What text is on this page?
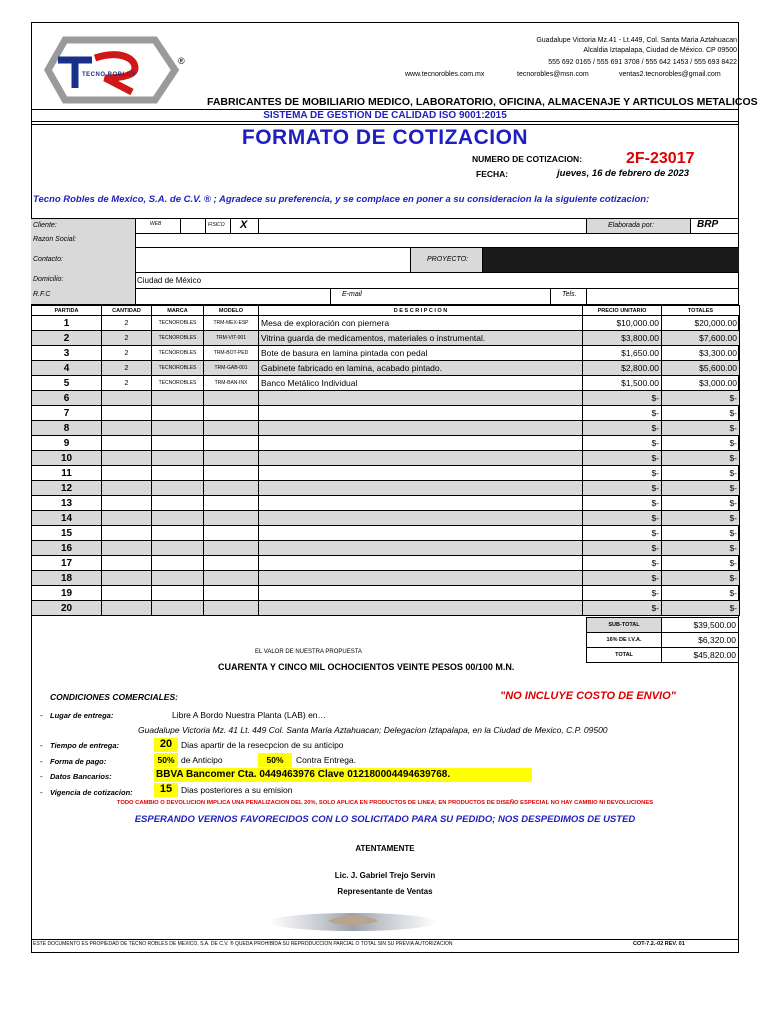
®
TECNO ROBLES
Guadalupe Victoria Mz.41 - Lt.449, Col. Santa Maria Aztahuacan
Alcaldia Iztapalapa, Ciudad de México. CP 09500
555 692 0165 / 555 691 3708 / 555 642 1453 / 555 693 8422
www.tecnorobles.com.mx	tecnorobles@msn.com	ventas2.tecnorobles@gmail.com
FABRICANTES DE MOBILIARIO MEDICO, LABORATORIO, OFICINA, ALMACENAJE Y ARTICULOS METALICOS
SISTEMA DE GESTION DE CALIDAD ISO 9001:2015
FORMATO DE COTIZACION
NUMERO DE COTIZACION:	2F-23017
FECHA:	jueves, 16 de febrero de 2023
Tecno Robles de Mexico, S.A. de C.V. ® ; Agradece su preferencia, y se complace en poner a su consideracion la la siguiente cotizacion:
Cliente:	WEB	FISICO X	Elaborada por:	BRP
Razon Social:
Contacto:	PROYECTO:
Domicilio:	Ciudad de México
R.F.C	E-mail	Tels.
PARTIDA	CANTIDAD	MARCA	MODELO	D E S C R I P C I O N	PRECIO UNITARIO	TOTALES
1	2	TECNOROBLES	TRM-MEX-ESP	Mesa de exploración con piernera	$10,000.00	$20,000.00
2	2	TECNOROBLES	TRM-VIT-001	Vitrina guarda de medicamentos, materiales o instrumental.	$3,800.00	$7,600.00
3	2	TECNOROBLES	TRM-BOT-PED	Bote de basura en lamina pintada con pedal	$1,650.00	$3,300.00
4	2	TECNOROBLES	TRM-GAB-001	Gabinete fabricado en lamina, acabado pintado.	$2,800.00	$5,600.00
5	2	TECNOROBLES	TRM-BAN-INX	Banco Metálico Individual	$1,500.00	$3,000.00
6					$-	$-
7					$-	$-
8					$-	$-
9					$-	$-
10					$-	$-
11					$-	$-
12					$-	$-
13					$-	$-
14					$-	$-
15					$-	$-
16					$-	$-
17					$-	$-
18					$-	$-
19					$-	$-
20					$-	$-
SUB-TOTAL	$39,500.00
16% DE I.V.A.	$6,320.00
TOTAL	$45,820.00
EL VALOR DE NUESTRA PROPUESTA
CUARENTA Y CINCO MIL OCHOCIENTOS VEINTE PESOS 00/100 M.N.
CONDICIONES COMERCIALES:	"NO INCLUYE COSTO DE ENVIO"
- Lugar de entrega:	Libre A Bordo Nuestra Planta (LAB) en…
Guadalupe Victoria Mz. 41 Lt. 449 Col. Santa Maria Aztahuacan; Delegacion Iztapalapa, en la Ciudad de Mexico, C.P. 09500
- Tiempo de entrega:	20	Dias apartir de la resecpcion de su anticipo
- Forma de pago:	50% de Anticipo	50%	Contra Entrega.
- Datos Bancarios:	BBVA Bancomer Cta. 0449463976 Clave 012180004494639768.
- Vigencia de cotizacion:	15	Dias posteriores a su emision
TODO CAMBIO O DEVOLUCION IMPLICA UNA PENALIZACION DEL 20%, SOLO APLICA EN PRODUCTOS DE LINEA; EN PRODUCTOS DE DISEÑO ESPECIAL NO HAY CAMBIO NI DEVOLUCIONES
ESPERANDO VERNOS FAVORECIDOS CON LO SOLICITADO PARA SU PEDIDO; NOS DESPEDIMOS DE USTED
ATENTAMENTE
Lic. J. Gabriel Trejo Servin
Representante de Ventas
ESTE DOCUMENTO ES PROPIEDAD DE TECNO ROBLES DE MEXICO, S.A. DE C.V. ® QUEDA PROHIBIDA SU REPRODUCCION PARCIAL O TOTAL SIN SU PREVIA AUTORIZACION	COT-7.2.-02 REV. 01
